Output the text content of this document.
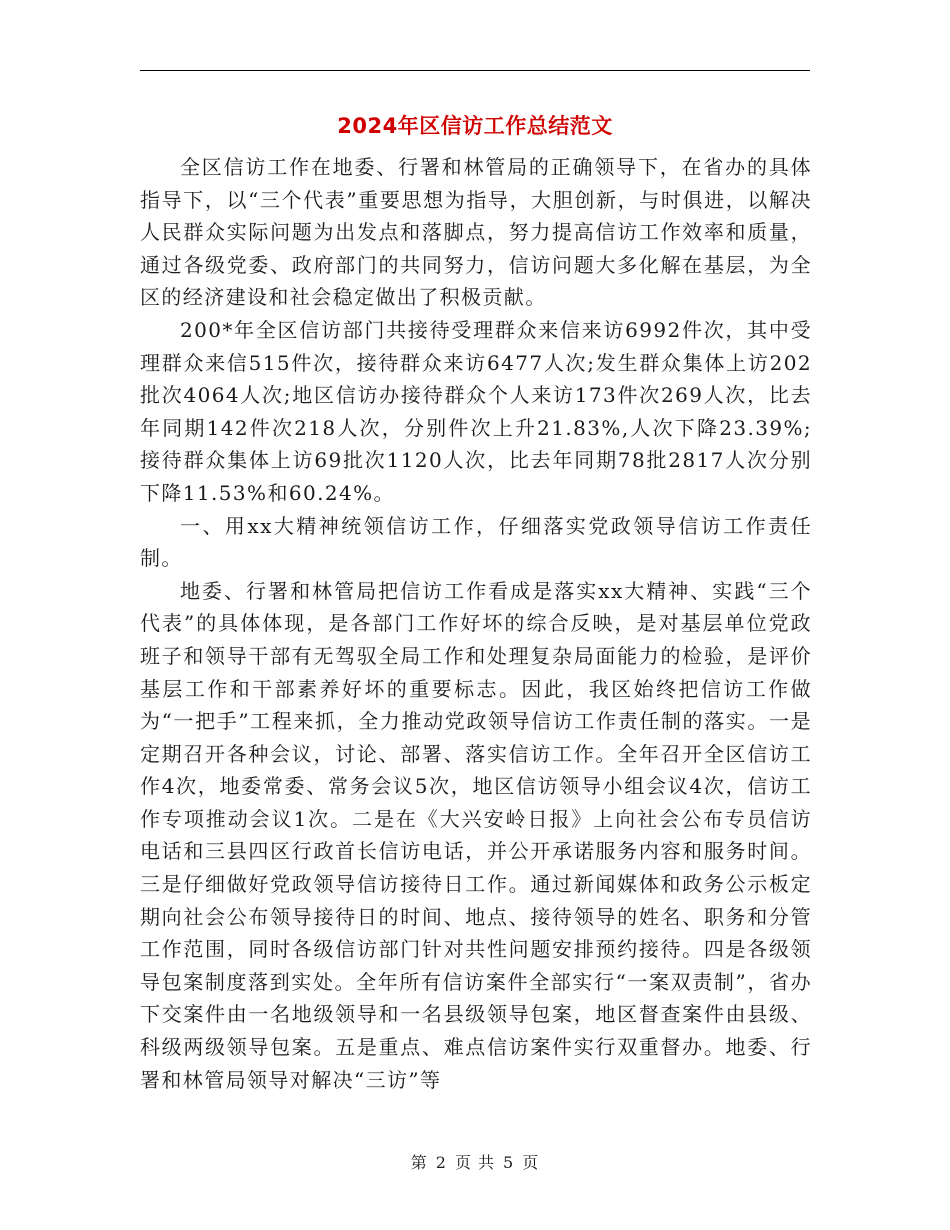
2024年区信访工作总结范文

全区信访工作在地委、行署和林管局的正确领导下，在省办的具体指导下，以“三个代表”重要思想为指导，大胆创新，与时俱进，以解决人民群众实际问题为出发点和落脚点，努力提高信访工作效率和质量，通过各级党委、政府部门的共同努力，信访问题大多化解在基层，为全区的经济建设和社会稳定做出了积极贡献。

200*年全区信访部门共接待受理群众来信来访6992件次，其中受理群众来信515件次，接待群众来访6477人次;发生群众集体上访202批次4064人次;地区信访办接待群众个人来访173件次269人次，比去年同期142件次218人次，分别件次上升21.83%,人次下降23.39%;接待群众集体上访69批次1120人次，比去年同期78批2817人次分别下降11.53%和60.24%。

一、用xx大精神统领信访工作，仔细落实党政领导信访工作责任制。

地委、行署和林管局把信访工作看成是落实xx大精神、实践“三个代表”的具体体现，是各部门工作好坏的综合反映，是对基层单位党政班子和领导干部有无驾驭全局工作和处理复杂局面能力的检验，是评价基层工作和干部素养好坏的重要标志。因此，我区始终把信访工作做为“一把手”工程来抓，全力推动党政领导信访工作责任制的落实。一是定期召开各种会议，讨论、部署、落实信访工作。全年召开全区信访工作4次，地委常委、常务会议5次，地区信访领导小组会议4次，信访工作专项推动会议1次。二是在《大兴安岭日报》上向社会公布专员信访电话和三县四区行政首长信访电话，并公开承诺服务内容和服务时间。三是仔细做好党政领导信访接待日工作。通过新闻媒体和政务公示板定期向社会公布领导接待日的时间、地点、接待领导的姓名、职务和分管工作范围，同时各级信访部门针对共性问题安排预约接待。四是各级领导包案制度落到实处。全年所有信访案件全部实行“一案双责制”，省办下交案件由一名地级领导和一名县级领导包案，地区督查案件由县级、科级两级领导包案。五是重点、难点信访案件实行双重督办。地委、行署和林管局领导对解决“三访”等

第 2 页 共 5 页
